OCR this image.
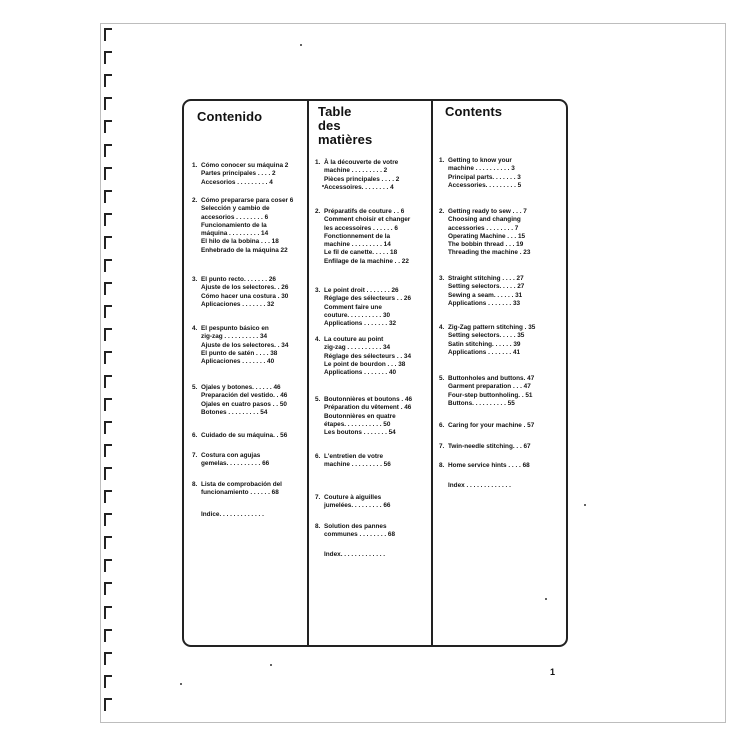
Contenido
1. Cómo conocer su máquina 2
Partes principales . . . . 2
Accesorios . . . . . . . . . 4
2. Cómo prepararse para coser 6
Selección y cambio de
accesorios . . . . . . . . 6
Funcionamiento de la
máquina . . . . . . . . . 14
El hilo de la bobina . . . 18
Enhebrado de la máquina 22
3. El punto recto. . . . . . . 26
Ajuste de los selectores. . 26
Cómo hacer una costura . 30
Aplicaciones . . . . . . . 32
4. El pespunto básico en
zig-zag . . . . . . . . . . 34
Ajuste de los selectores. . 34
El punto de satén . . . . 38
Aplicaciones . . . . . . . 40
5. Ojales y botones. . . . . . 46
Preparación del vestido. . 46
Ojales en cuatro pasos . . 50
Botones . . . . . . . . . 54
6. Cuidado de su máquina. . 56
7. Costura con agujas
gemelas. . . . . . . . . . 66
8. Lista de comprobación del
funcionamiento . . . . . . 68
Indice. . . . . . . . . . . . .
Table des
matières
1. À la découverte de votre
machine . . . . . . . . . 2
Pièces principales . . . . 2
Accessoires. . . . . . . . 4
2. Préparatifs de couture . . 6
Comment choisir et changer
les accessoires . . . . . . 6
Fonctionnement de la
machine . . . . . . . . . 14
Le fil de canette. . . . . 18
Enfilage de la machine . . 22
3. Le point droit . . . . . . . 26
Réglage des sélecteurs . . 26
Comment faire une
couture. . . . . . . . . . 30
Applications . . . . . . . 32
4. La couture au point
zig-zag . . . . . . . . . . 34
Réglage des sélecteurs . . 34
Le point de bourdon . . . 38
Applications . . . . . . . 40
5. Boutonnières et boutons . 46
Préparation du vêtement . 46
Boutonnières en quatre
étapes. . . . . . . . . . . 50
Les boutons . . . . . . . 54
6. L'entretien de votre
machine . . . . . . . . . 56
7. Couture à aiguilles
jumelées. . . . . . . . . 66
8. Solution des pannes
communes . . . . . . . . 68
Index. . . . . . . . . . . . .
Contents
1. Getting to know your
machine . . . . . . . . . . 3
Principal parts. . . . . . . 3
Accessories. . . . . . . . . 5
2. Getting ready to sew . . . 7
Choosing and changing
accessories . . . . . . . . 7
Operating Machine . . . 15
The bobbin thread . . . 19
Threading the machine . 23
3. Straight stitching . . . . 27
Setting selectors. . . . . 27
Sewing a seam. . . . . . 31
Applications . . . . . . . 33
4. Zig-Zag pattern stitching . 35
Setting selectors. . . . . 35
Satin stitching. . . . . . 39
Applications . . . . . . . 41
5. Buttonholes and buttons. 47
Garment preparation . . . 47
Four-step buttonholing. . 51
Buttons. . . . . . . . . . 55
6. Caring for your machine . 57
7. Twin-needle stitching. . . 67
8. Home service hints . . . . 68
Index . . . . . . . . . . . . .
1
